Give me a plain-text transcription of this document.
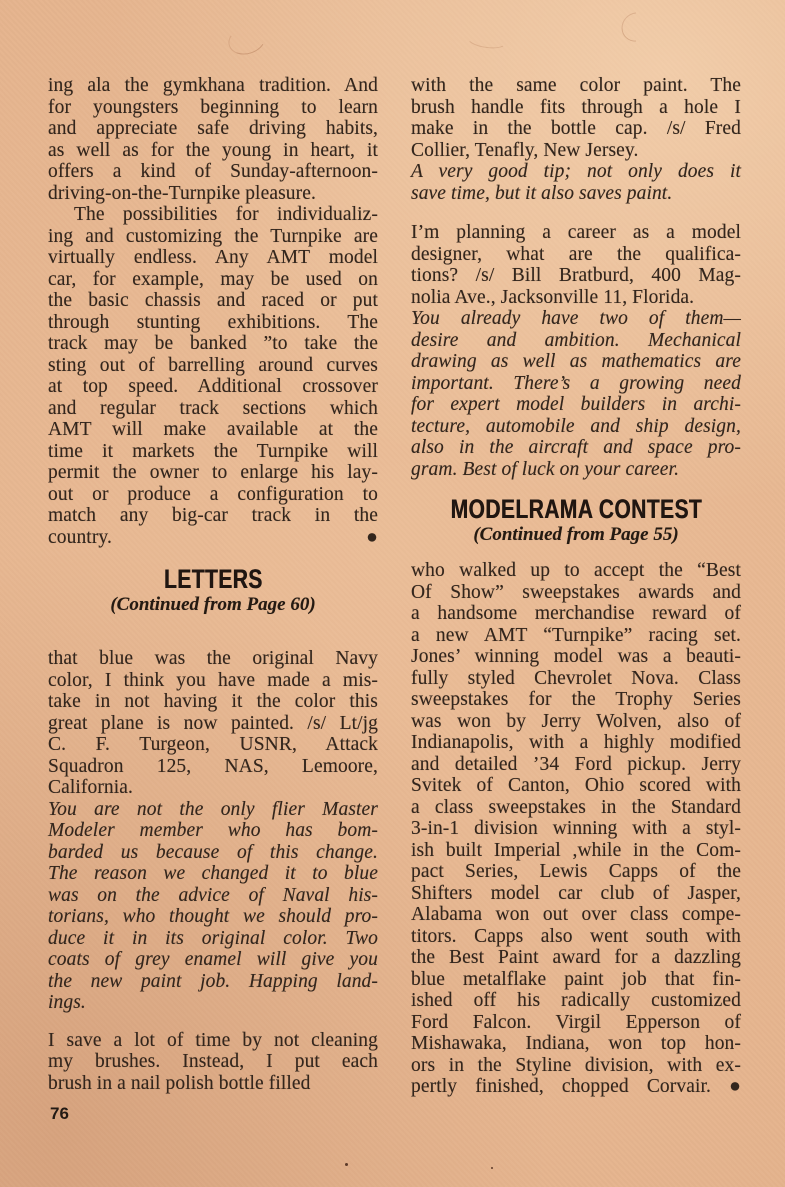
ing ala the gymkhana tradition. And
for youngsters beginning to learn
and appreciate safe driving habits,
as well as for the young in heart, it
offers a kind of Sunday-afternoon-
driving-on-the-Turnpike pleasure.
The possibilities for individualiz-
ing and customizing the Turnpike are
virtually endless. Any AMT model
car, for example, may be used on
the basic chassis and raced or put
through stunting exhibitions. The
track may be banked ”to take the
sting out of barrelling around curves
at top speed. Additional crossover
and regular track sections which
AMT will make available at the
time it markets the Turnpike will
permit the owner to enlarge his lay-
out or produce a configuration to
match any big-car track in the
country. ●
LETTERS
(Continued from Page 60)
that blue was the original Navy
color, I think you have made a mis-
take in not having it the color this
great plane is now painted. /s/ Lt/jg
C. F. Turgeon, USNR, Attack
Squadron 125, NAS, Lemoore,
California.
You are not the only flier Master
Modeler member who has bom-
barded us because of this change.
The reason we changed it to blue
was on the advice of Naval his-
torians, who thought we should pro-
duce it in its original color. Two
coats of grey enamel will give you
the new paint job. Happing land-
ings.
I save a lot of time by not cleaning
my brushes. Instead, I put each
brush in a nail polish bottle filled
with the same color paint. The
brush handle fits through a hole I
make in the bottle cap. /s/ Fred
Collier, Tenafly, New Jersey.
A very good tip; not only does it
save time, but it also saves paint.
I’m planning a career as a model
designer, what are the qualifica-
tions? /s/ Bill Bratburd, 400 Mag-
nolia Ave., Jacksonville 11, Florida.
You already have two of them—
desire and ambition. Mechanical
drawing as well as mathematics are
important. There’s a growing need
for expert model builders in archi-
tecture, automobile and ship design,
also in the aircraft and space pro-
gram. Best of luck on your career.
MODELRAMA CONTEST
(Continued from Page 55)
who walked up to accept the “Best
Of Show” sweepstakes awards and
a handsome merchandise reward of
a new AMT “Turnpike” racing set.
Jones’ winning model was a beauti-
fully styled Chevrolet Nova. Class
sweepstakes for the Trophy Series
was won by Jerry Wolven, also of
Indianapolis, with a highly modified
and detailed ’34 Ford pickup. Jerry
Svitek of Canton, Ohio scored with
a class sweepstakes in the Standard
3-in-1 division winning with a styl-
ish built Imperial ,while in the Com-
pact Series, Lewis Capps of the
Shifters model car club of Jasper,
Alabama won out over class compe-
titors. Capps also went south with
the Best Paint award for a dazzling
blue metalflake paint job that fin-
ished off his radically customized
Ford Falcon. Virgil Epperson of
Mishawaka, Indiana, won top hon-
ors in the Styline division, with ex-
pertly finished, chopped Corvair. ●
76
